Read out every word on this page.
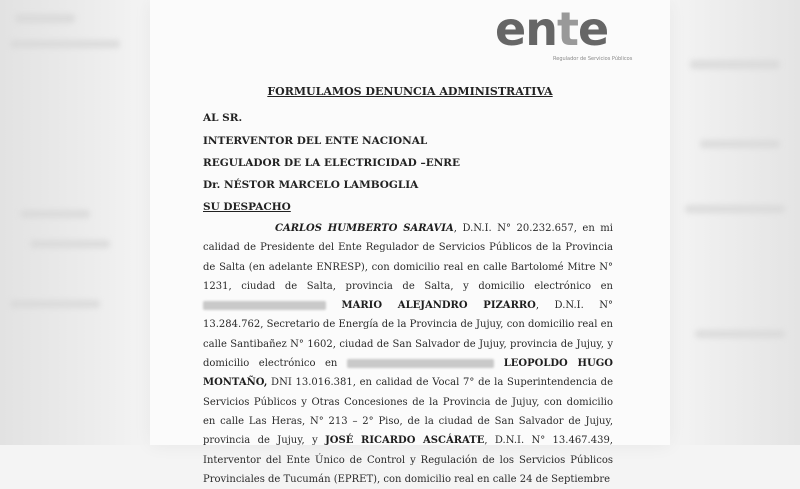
ente
Regulador de Servicios Públicos
FORMULAMOS DENUNCIA ADMINISTRATIVA
AL SR.
INTERVENTOR DEL ENTE NACIONAL
REGULADOR DE LA ELECTRICIDAD –ENRE
Dr. NÉSTOR MARCELO LAMBOGLIA
SU DESPACHO
CARLOS HUMBERTO SARAVIA, D.N.I. N° 20.232.657, en mi calidad de Presidente del Ente Regulador de Servicios Públicos de la Provincia de Salta (en adelante ENRESP), con domicilio real en calle Bartolomé Mitre N° 1231, ciudad de Salta, provincia de Salta, y domicilio electrónico en  MARIO ALEJANDRO PIZARRO, D.N.I. N° 13.284.762, Secretario de Energía de la Provincia de Jujuy, con domicilio real en calle Santibañez N° 1602, ciudad de San Salvador de Jujuy, provincia de Jujuy, y domicilio electrónico en	LEOPOLDO HUGO MONTAÑO, DNI 13.016.381, en calidad de Vocal 7° de la Superintendencia de Servicios Públicos y Otras Concesiones de la Provincia de Jujuy, con domicilio en calle Las Heras, N° 213 – 2° Piso, de la ciudad de San Salvador de Jujuy, provincia de Jujuy, y JOSÉ RICARDO ASCÁRATE, D.N.I. N° 13.467.439, Interventor del Ente Único de Control y Regulación de los Servicios Públicos Provinciales de Tucumán (EPRET), con domicilio real en calle 24 de Septiembre
